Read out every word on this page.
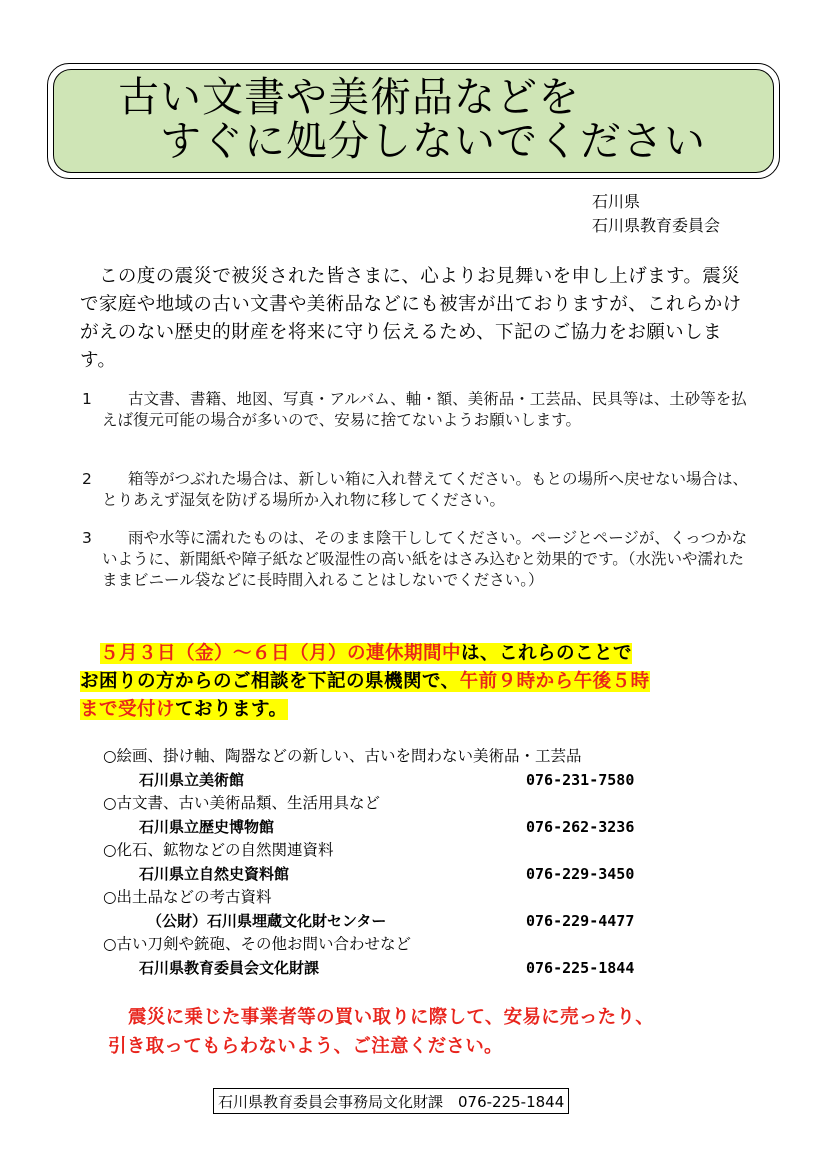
古い文書や美術品などを
すぐに処分しないでください
石川県
石川県教育委員会
この度の震災で被災された皆さまに、心よりお見舞いを申し上げます。震災で家庭や地域の古い文書や美術品などにも被害が出ておりますが、これらかけがえのない歴史的財産を将来に守り伝えるため、下記のご協力をお願いします。
1	古文書、書籍、地図、写真・アルバム、軸・額、美術品・工芸品、民具等は、土砂等を払えば復元可能の場合が多いので、安易に捨てないようお願いします。
2	箱等がつぶれた場合は、新しい箱に入れ替えてください。もとの場所へ戻せない場合は、とりあえず湿気を防げる場所か入れ物に移してください。
3	雨や水等に濡れたものは、そのまま陰干ししてください。ページとページが、くっつかないように、新聞紙や障子紙など吸湿性の高い紙をはさみ込むと効果的です。（水洗いや濡れたままビニール袋などに長時間入れることはしないでください。）
５月３日（金）～６日（月）の連休期間中は、これらのことで
お困りの方からのご相談を下記の県機関で、午前９時から午後５時
まで受付けております。
○絵画、掛け軸、陶器などの新しい、古いを問わない美術品・工芸品
石川県立美術館	076-231-7580
○古文書、古い美術品類、生活用具など
石川県立歴史博物館	076-262-3236
○化石、鉱物などの自然関連資料
石川県立自然史資料館	076-229-3450
○出土品などの考古資料
（公財）石川県埋蔵文化財センター	076-229-4477
○古い刀剣や銃砲、その他お問い合わせなど
石川県教育委員会文化財課	076-225-1844
震災に乗じた事業者等の買い取りに際して、安易に売ったり、
引き取ってもらわないよう、ご注意ください。
石川県教育委員会事務局文化財課　076-225-1844
